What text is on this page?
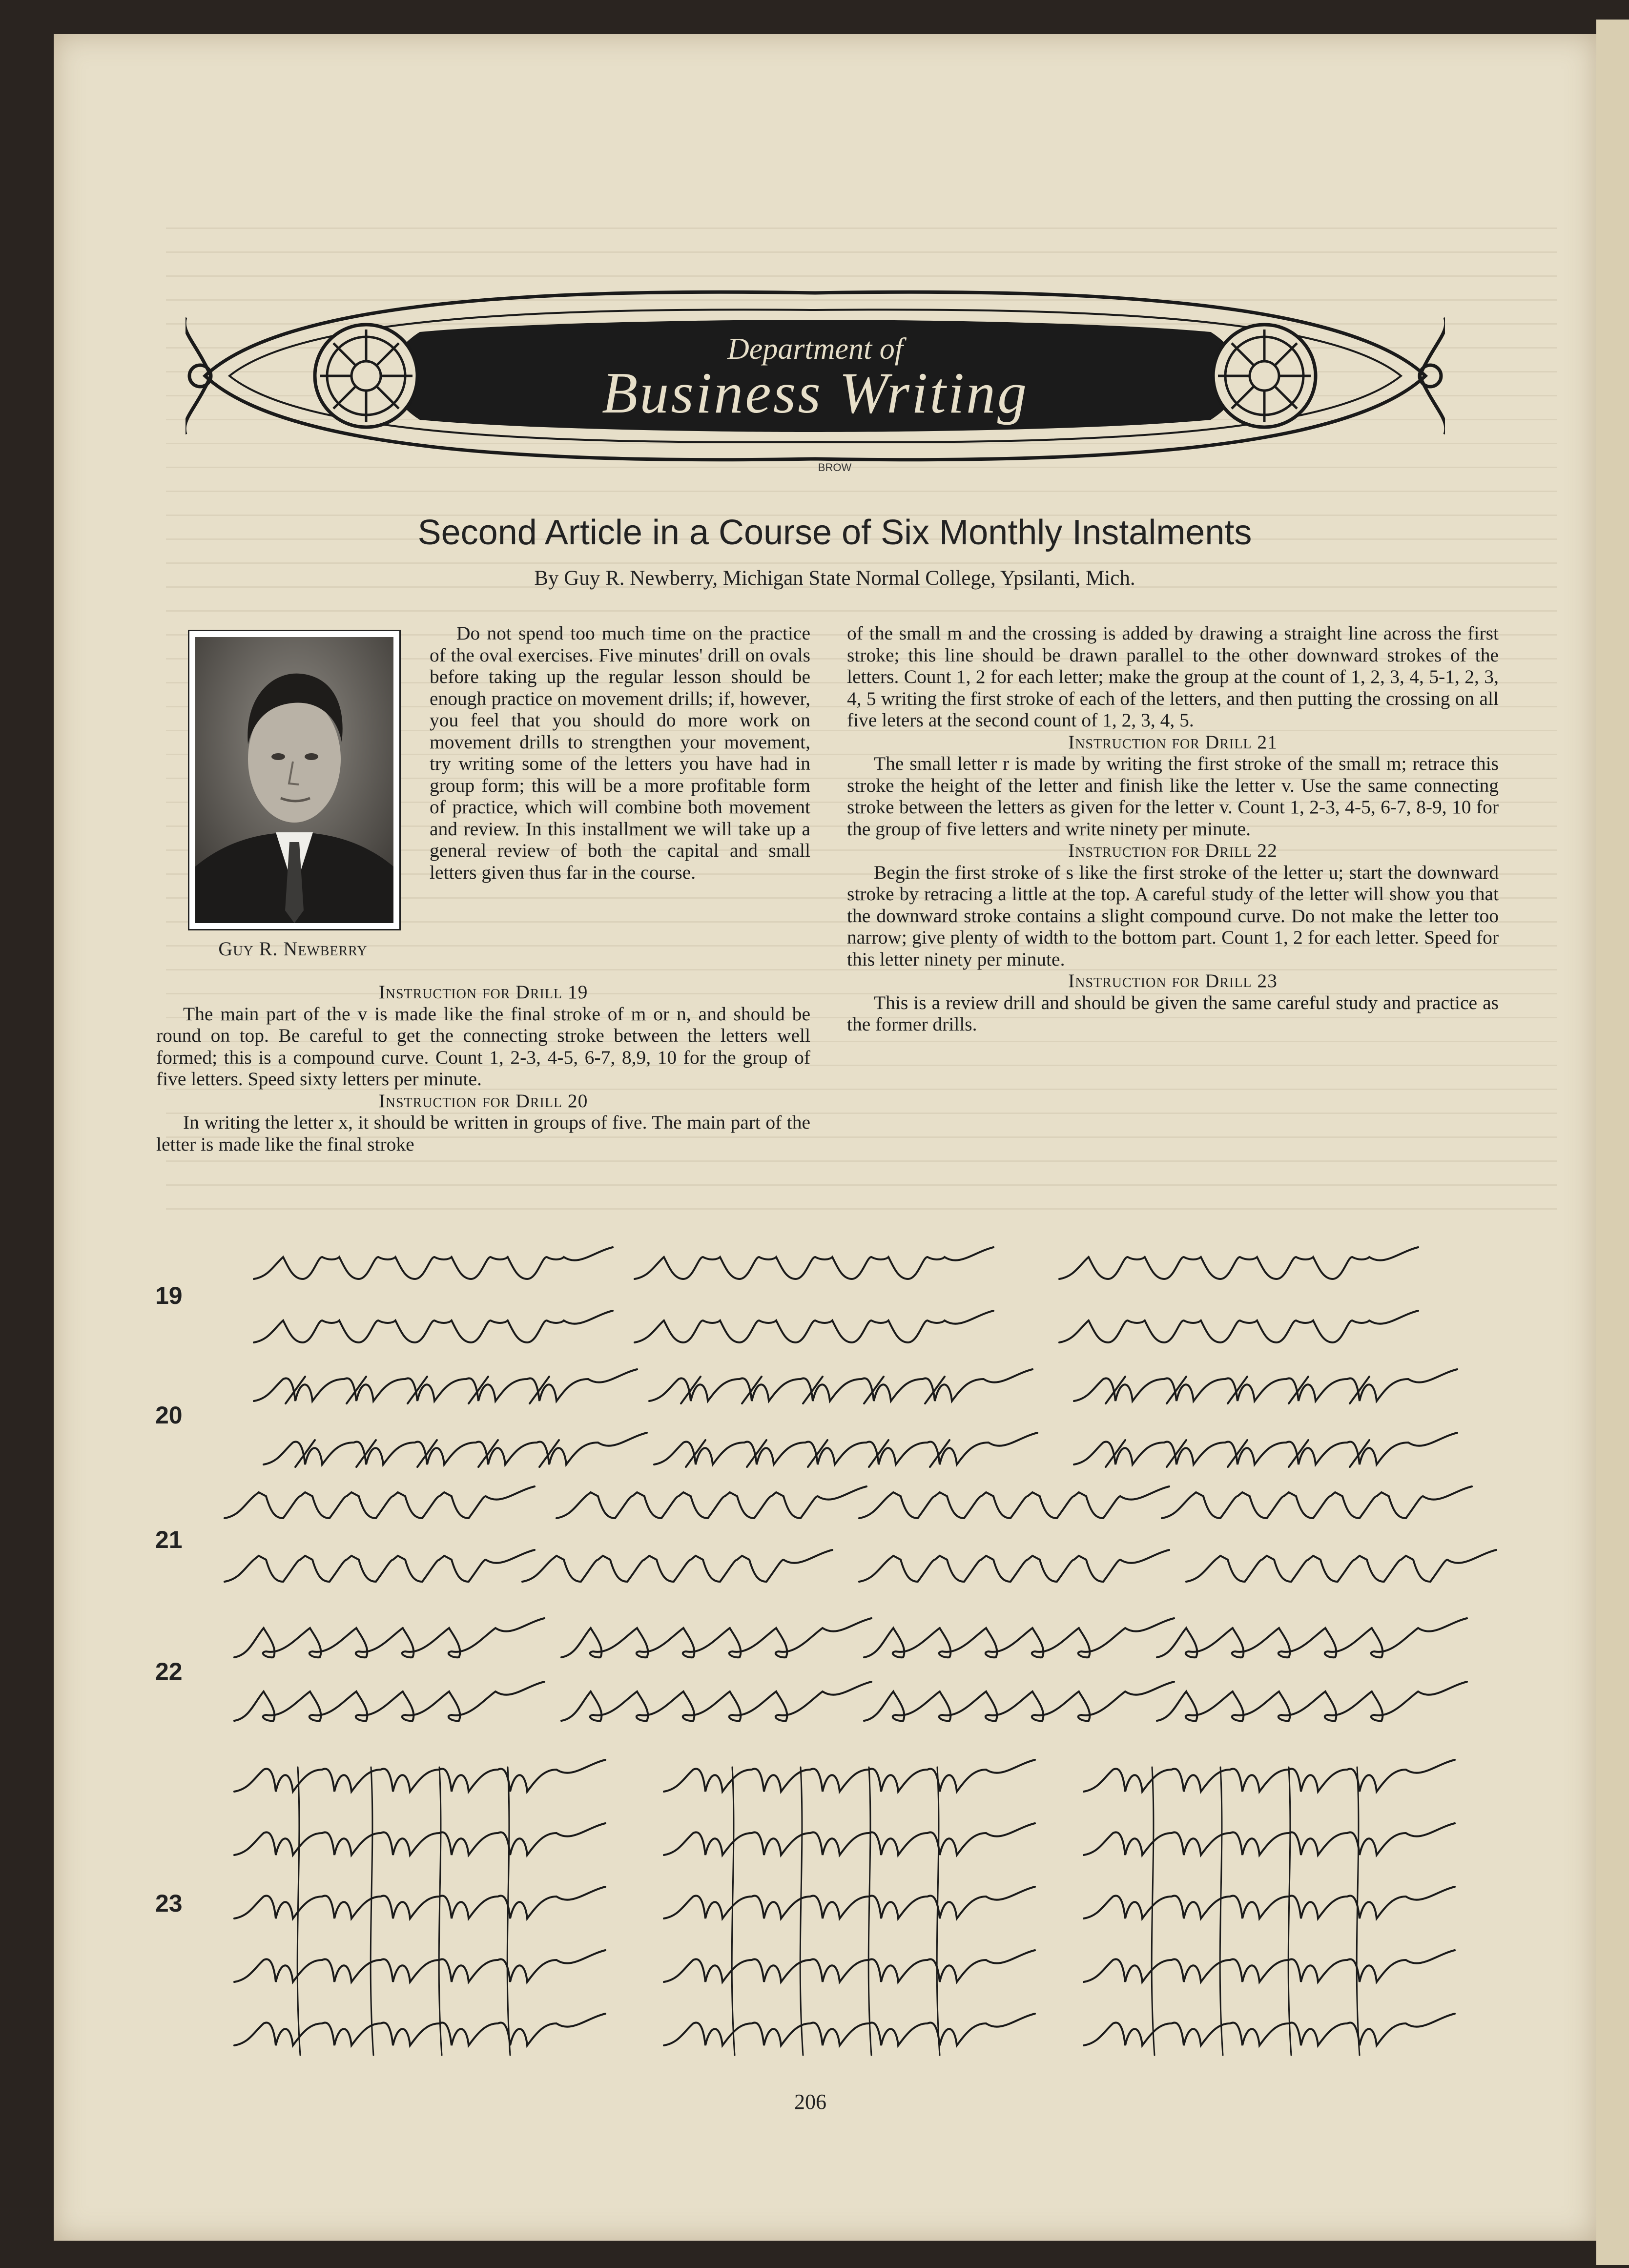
Department of
Business Writing
BROW
Second Article in a Course of Six Monthly Instalments
By Guy R. Newberry, Michigan State Normal College, Ypsilanti, Mich.
Guy R. Newberry

Do not spend too much time on the practice of the oval exercises. Five minutes' drill on ovals before taking up the regular lesson should be enough practice on movement drills; if, however, you feel that you should do more work on movement drills to strengthen your movement, try writing some of the letters you have had in group form; this will be a more profitable form of practice, which will combine both movement and review. In this installment we will take up a general review of both the capital and small letters given thus far in the course.

Instruction for Drill 19

The main part of the v is made like the final stroke of m or n, and should be round on top. Be careful to get the connecting stroke between the letters well formed; this is a compound curve. Count 1, 2-3, 4-5, 6-7, 8,9, 10 for the group of five letters. Speed sixty letters per minute.

Instruction for Drill 20

In writing the letter x, it should be written in groups of five. The main part of the letter is made like the final stroke

of the small m and the crossing is added by drawing a straight line across the first stroke; this line should be drawn parallel to the other downward strokes of the letters. Count 1, 2 for each letter; make the group at the count of 1, 2, 3, 4, 5-1, 2, 3, 4, 5 writing the first stroke of each of the letters, and then putting the crossing on all five leters at the second count of 1, 2, 3, 4, 5.

Instruction for Drill 21

The small letter r is made by writing the first stroke of the small m; retrace this stroke the height of the letter and finish like the letter v. Use the same connecting stroke between the letters as given for the letter v. Count 1, 2-3, 4-5, 6-7, 8-9, 10 for the group of five letters and write ninety per minute.

Instruction for Drill 22

Begin the first stroke of s like the first stroke of the letter u; start the downward stroke by retracing a little at the top. A careful study of the letter will show you that the downward stroke contains a slight compound curve. Do not make the letter too narrow; give plenty of width to the bottom part. Count 1, 2 for each letter. Speed for this letter ninety per minute.

Instruction for Drill 23

This is a review drill and should be given the same careful study and practice as the former drills.

19
20
21
22
23
206
